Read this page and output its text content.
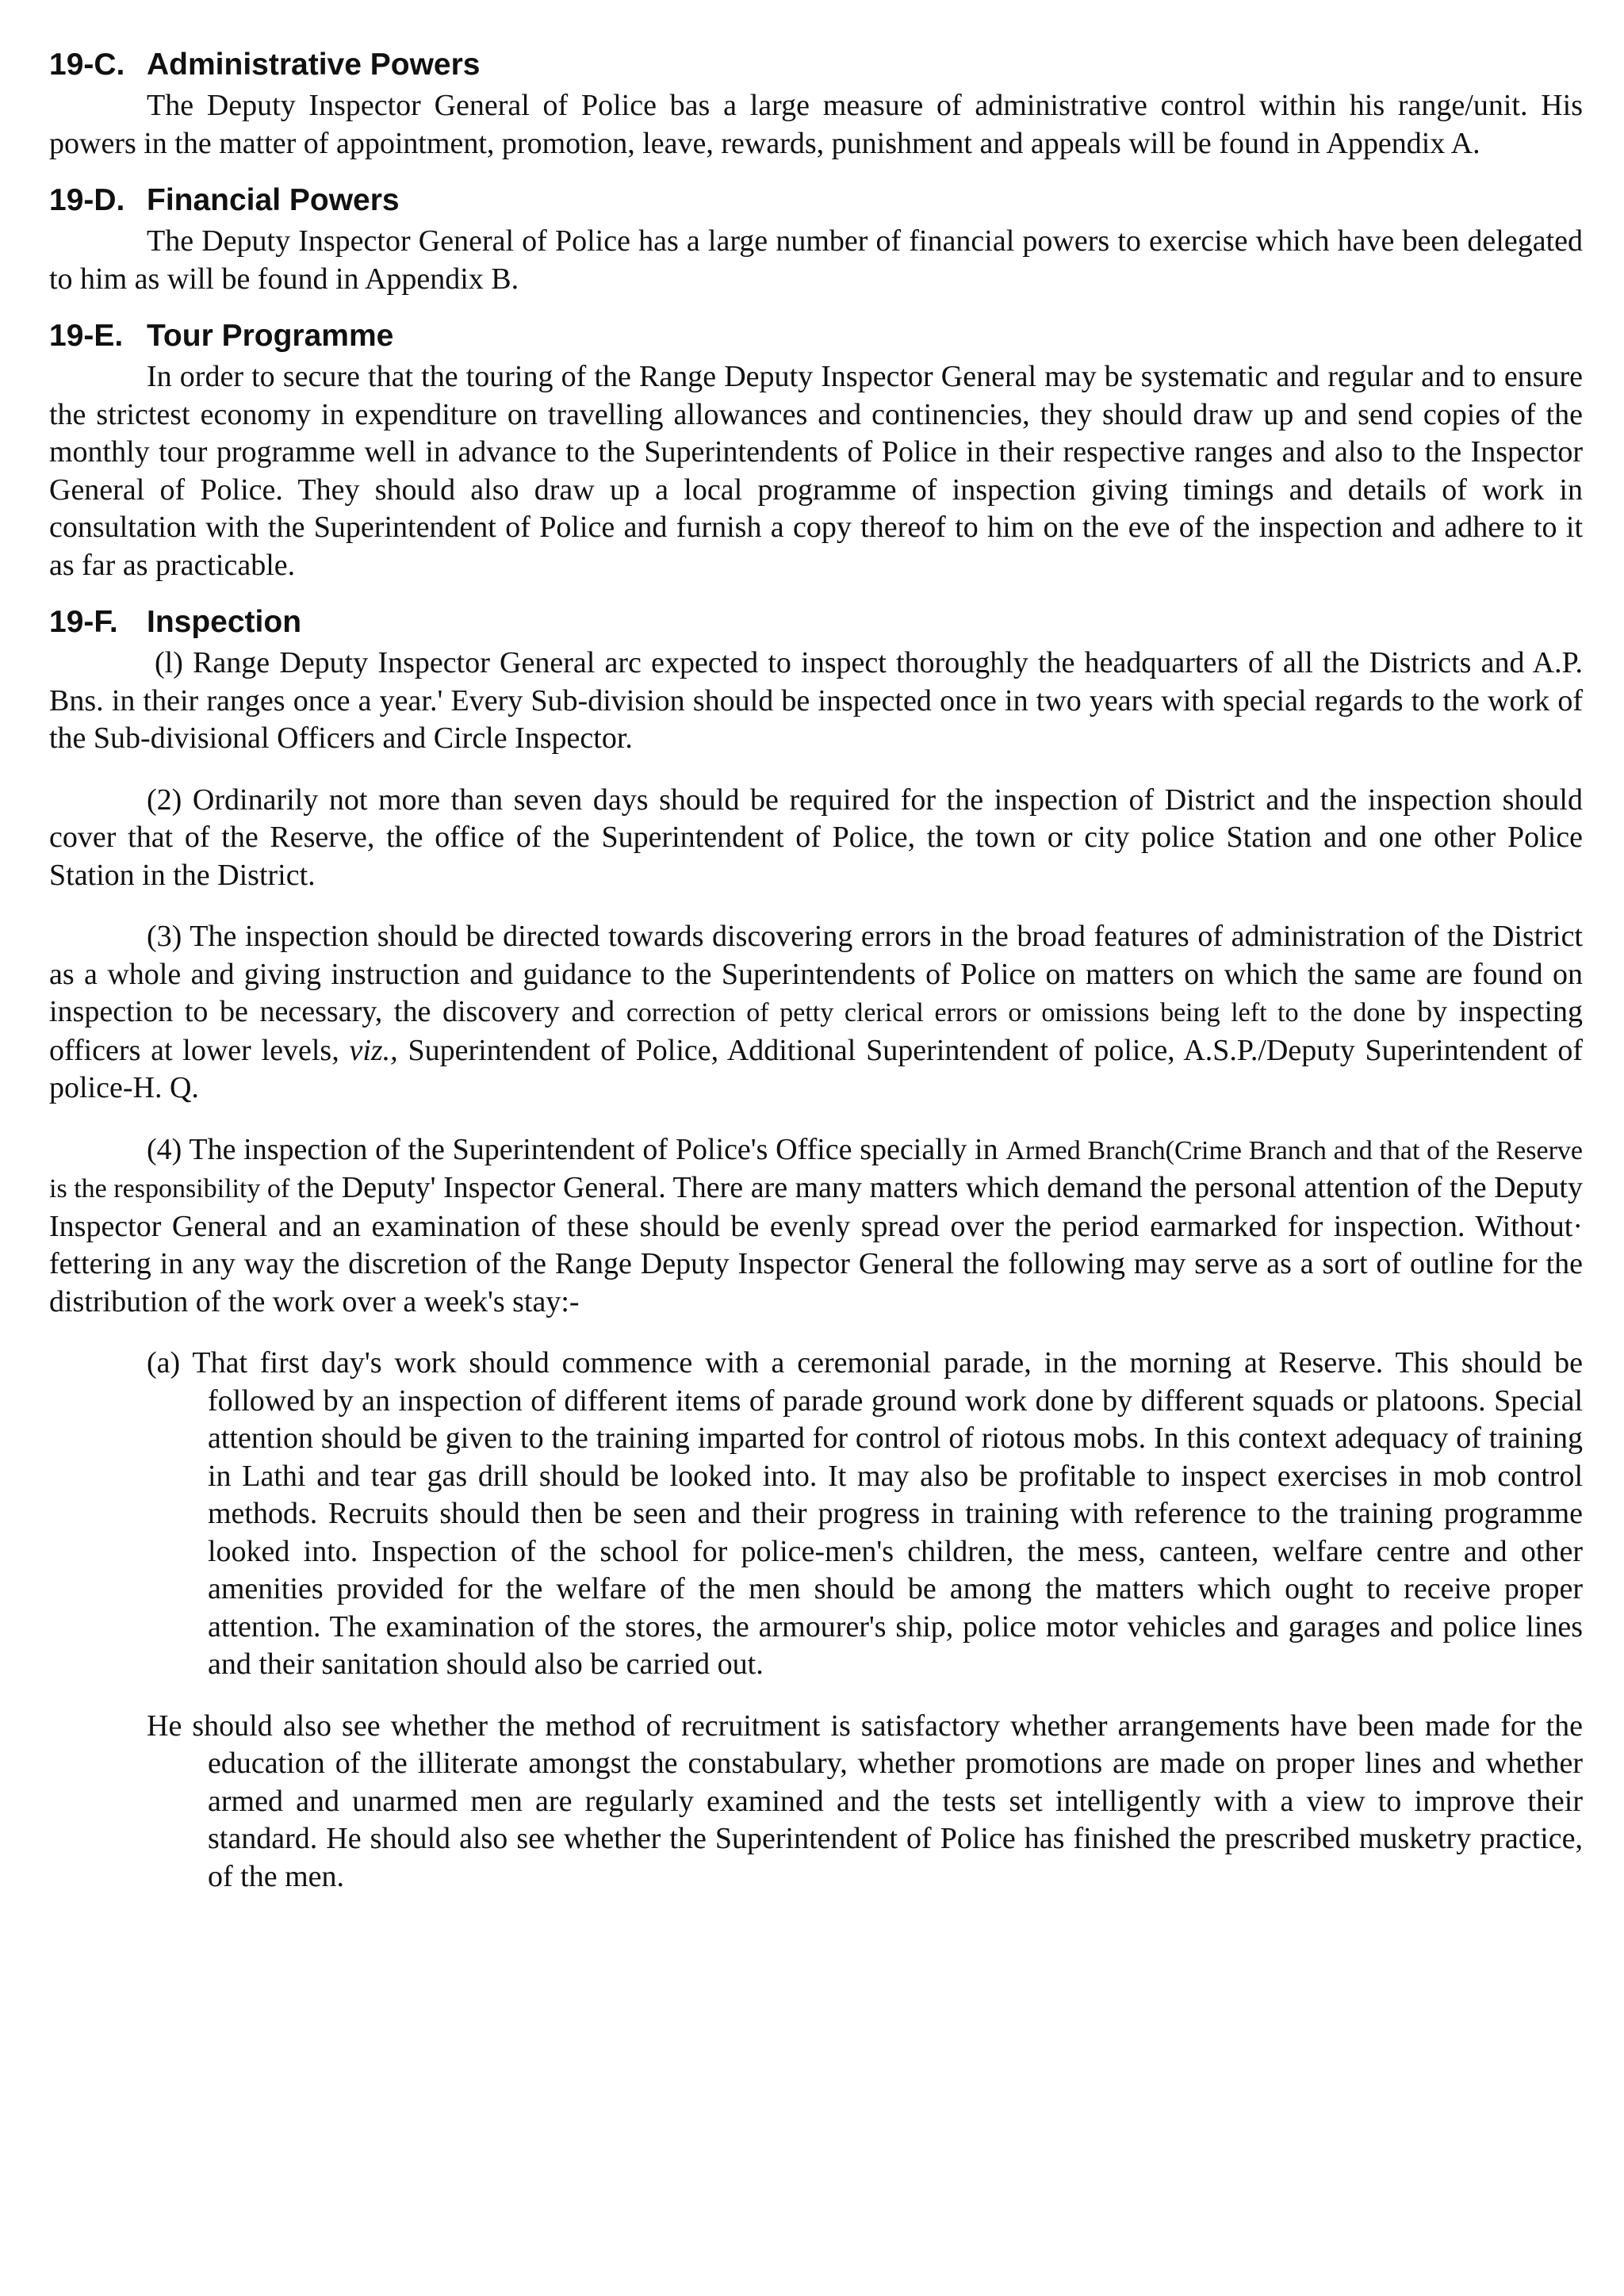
19-C. Administrative Powers

The Deputy Inspector General of Police bas a large measure of administrative control within his range/unit. His powers in the matter of appointment, promotion, leave, rewards, punishment and appeals will be found in Appendix A.

19-D. Financial Powers

The Deputy Inspector General of Police has a large number of financial powers to exercise which have been delegated to him as will be found in Appendix B.

19-E. Tour Programme

In order to secure that the touring of the Range Deputy Inspector General may be systematic and regular and to ensure the strictest economy in expenditure on travelling allowances and continencies, they should draw up and send copies of the monthly tour programme well in advance to the Superintendents of Police in their respective ranges and also to the Inspector General of Police. They should also draw up a local programme of inspection giving timings and details of work in consultation with the Superintendent of Police and furnish a copy thereof to him on the eve of the inspection and adhere to it as far as practicable.

19-F. Inspection

(l) Range Deputy Inspector General arc expected to inspect thoroughly the headquarters of all the Districts and A.P. Bns. in their ranges once a year.' Every Sub-division should be inspected once in two years with special regards to the work of the Sub-divisional Officers and Circle Inspector.

(2) Ordinarily not more than seven days should be required for the inspection of District and the inspection should cover that of the Reserve, the office of the Superintendent of Police, the town or city police Station and one other Police Station in the District.

(3) The inspection should be directed towards discovering errors in the broad features of administration of the District as a whole and giving instruction and guidance to the Superintendents of Police on matters on which the same are found on inspection to be necessary, the discovery and correction of petty clerical errors or omissions being left to the done by inspecting officers at lower levels, viz., Superintendent of Police, Additional Superintendent of police, A.S.P./Deputy Superintendent of police-H. Q.

(4) The inspection of the Superintendent of Police's Office specially in Armed Branch(Crime Branch and that of the Reserve is the responsibility of the Deputy' Inspector General. There are many matters which demand the personal attention of the Deputy Inspector General and an examination of these should be evenly spread over the period earmarked for inspection. Without· fettering in any way the discretion of the Range Deputy Inspector General the following may serve as a sort of outline for the distribution of the work over a week's stay:-

(a) That first day's work should commence with a ceremonial parade, in the morning at Reserve. This should be followed by an inspection of different items of parade ground work done by different squads or platoons. Special attention should be given to the training imparted for control of riotous mobs. In this context adequacy of training in Lathi and tear gas drill should be looked into. It may also be profitable to inspect exercises in mob control methods. Recruits should then be seen and their progress in training with reference to the training programme looked into. Inspection of the school for police-men's children, the mess, canteen, welfare centre and other amenities provided for the welfare of the men should be among the matters which ought to receive proper attention. The examination of the stores, the armourer's ship, police motor vehicles and garages and police lines and their sanitation should also be carried out.

He should also see whether the method of recruitment is satisfactory whether arrangements have been made for the education of the illiterate amongst the constabulary, whether promotions are made on proper lines and whether armed and unarmed men are regularly examined and the tests set intelligently with a view to improve their standard. He should also see whether the Superintendent of Police has finished the prescribed musketry practice, of the men.
